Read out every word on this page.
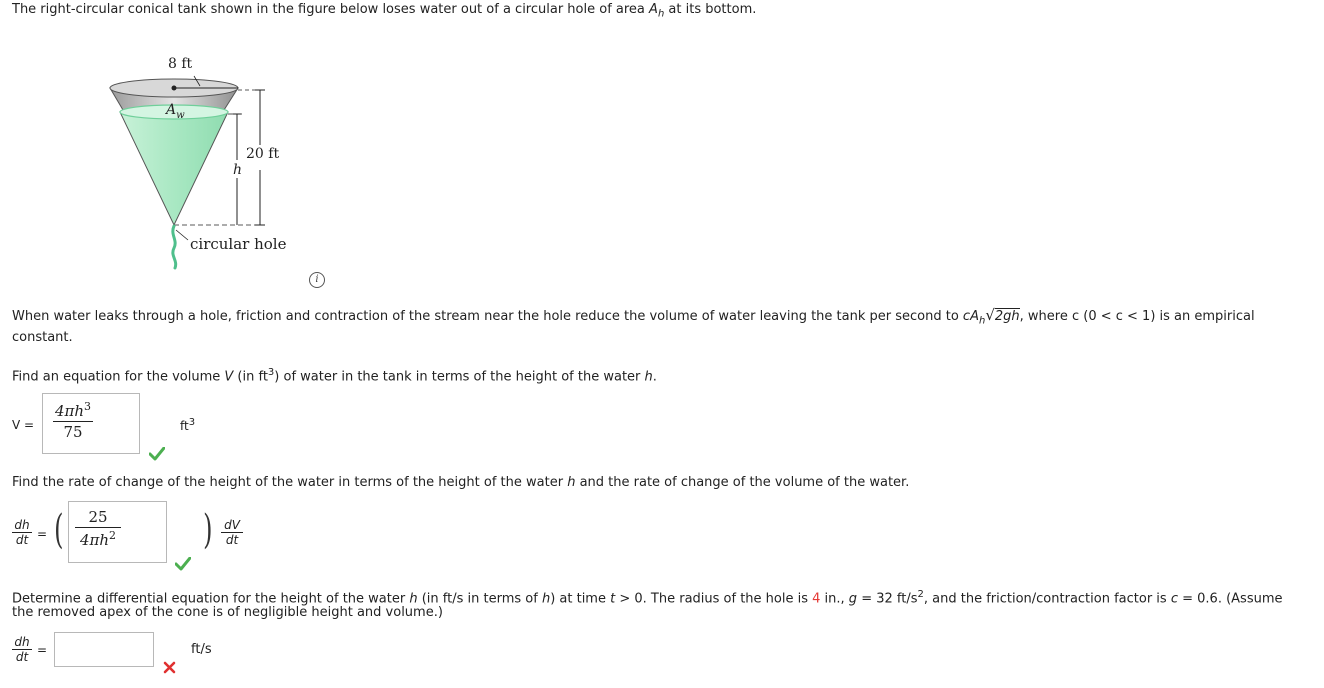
The right-circular conical tank shown in the figure below loses water out of a circular hole of area $A_h$ at its bottom.
8 ft
$A_w$
h
20 ft
circular hole
i
When water leaks through a hole, friction and contraction of the stream near the hole reduce the volume of water leaving the tank per second to $cA_h√2gh$, where c (0 < c < 1) is an empirical
constant.
Find an equation for the volume V (in $ft^3$) of water in the tank in terms of the height of the water h.
V =
$4\pi h^3$
75	$ft^3$
Find the rate of change of the height of the water in terms of the height of the water h and the rate of change of the volume of the water.
dh
dt = (	25
$4\pi h^2$ ) dV
dt
Determine a differential equation for the height of the water h (in ft/s in terms of h) at time t > 0. The radius of the hole is 4 in., g = 32 $ft/s^2$, and the friction/contraction factor is c = 0.6. (Assume
the removed apex of the cone is of negligible height and volume.)
dh
dt =	ft/s
